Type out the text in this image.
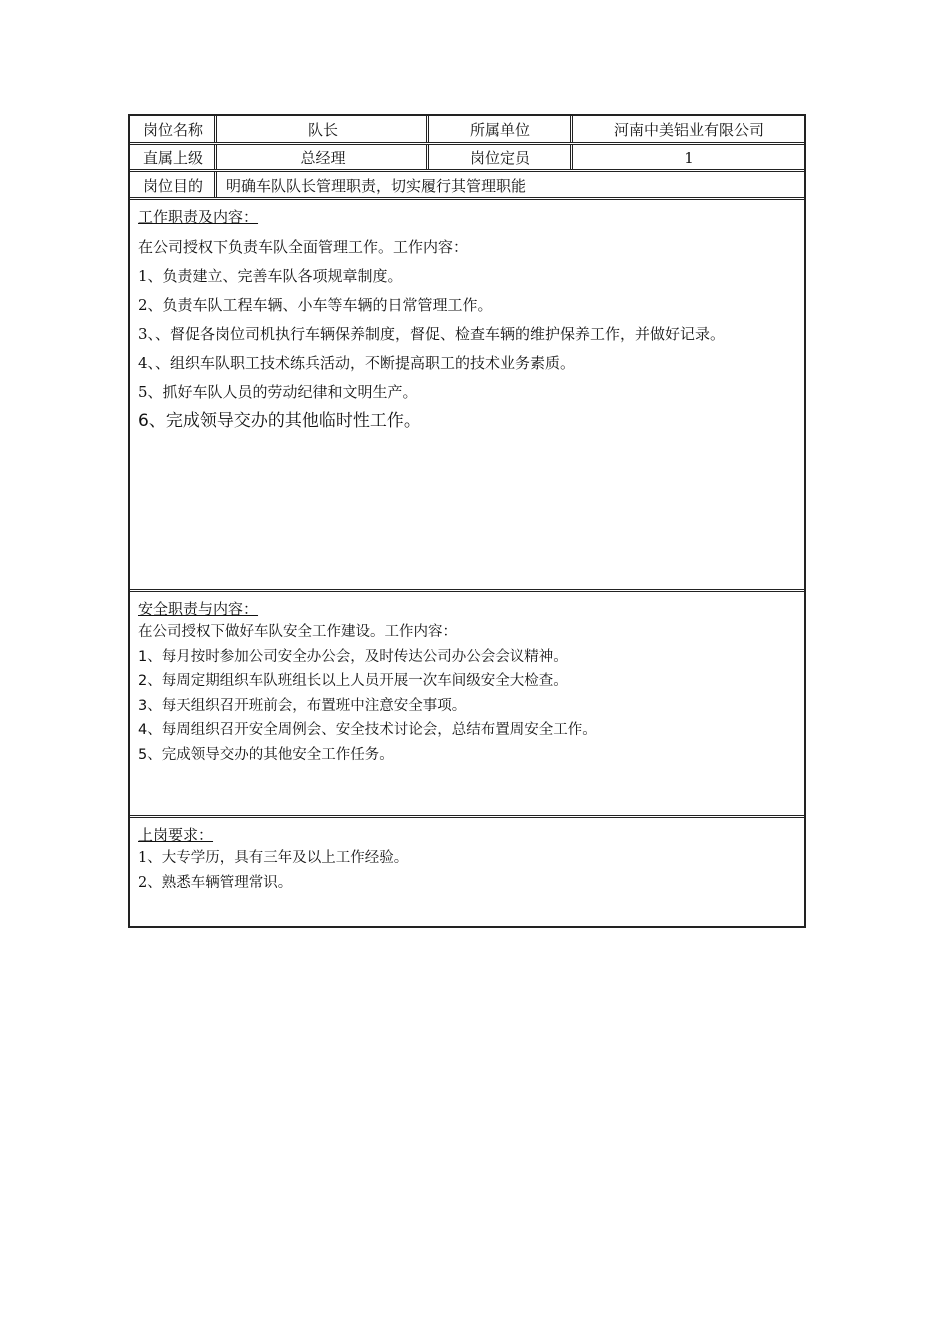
岗位名称	队长	所属单位	河南中美铝业有限公司
直属上级	总经理	岗位定员	1
岗位目的	明确车队队长管理职责，切实履行其管理职能
工作职责及内容：
在公司授权下负责车队全面管理工作。工作内容：
1、负责建立、完善车队各项规章制度。
2、负责车队工程车辆、小车等车辆的日常管理工作。
3、、督促各岗位司机执行车辆保养制度，督促、检查车辆的维护保养工作，并做好记录。
4、、组织车队职工技术练兵活动，不断提高职工的技术业务素质。
5、抓好车队人员的劳动纪律和文明生产。
6、完成领导交办的其他临时性工作。
安全职责与内容：
在公司授权下做好车队安全工作建设。工作内容：
1、每月按时参加公司安全办公会，及时传达公司办公会会议精神。
2、每周定期组织车队班组长以上人员开展一次车间级安全大检查。
3、每天组织召开班前会，布置班中注意安全事项。
4、每周组织召开安全周例会、安全技术讨论会，总结布置周安全工作。
5、完成领导交办的其他安全工作任务。
上岗要求：
1、大专学历，具有三年及以上工作经验。
2、熟悉车辆管理常识。
